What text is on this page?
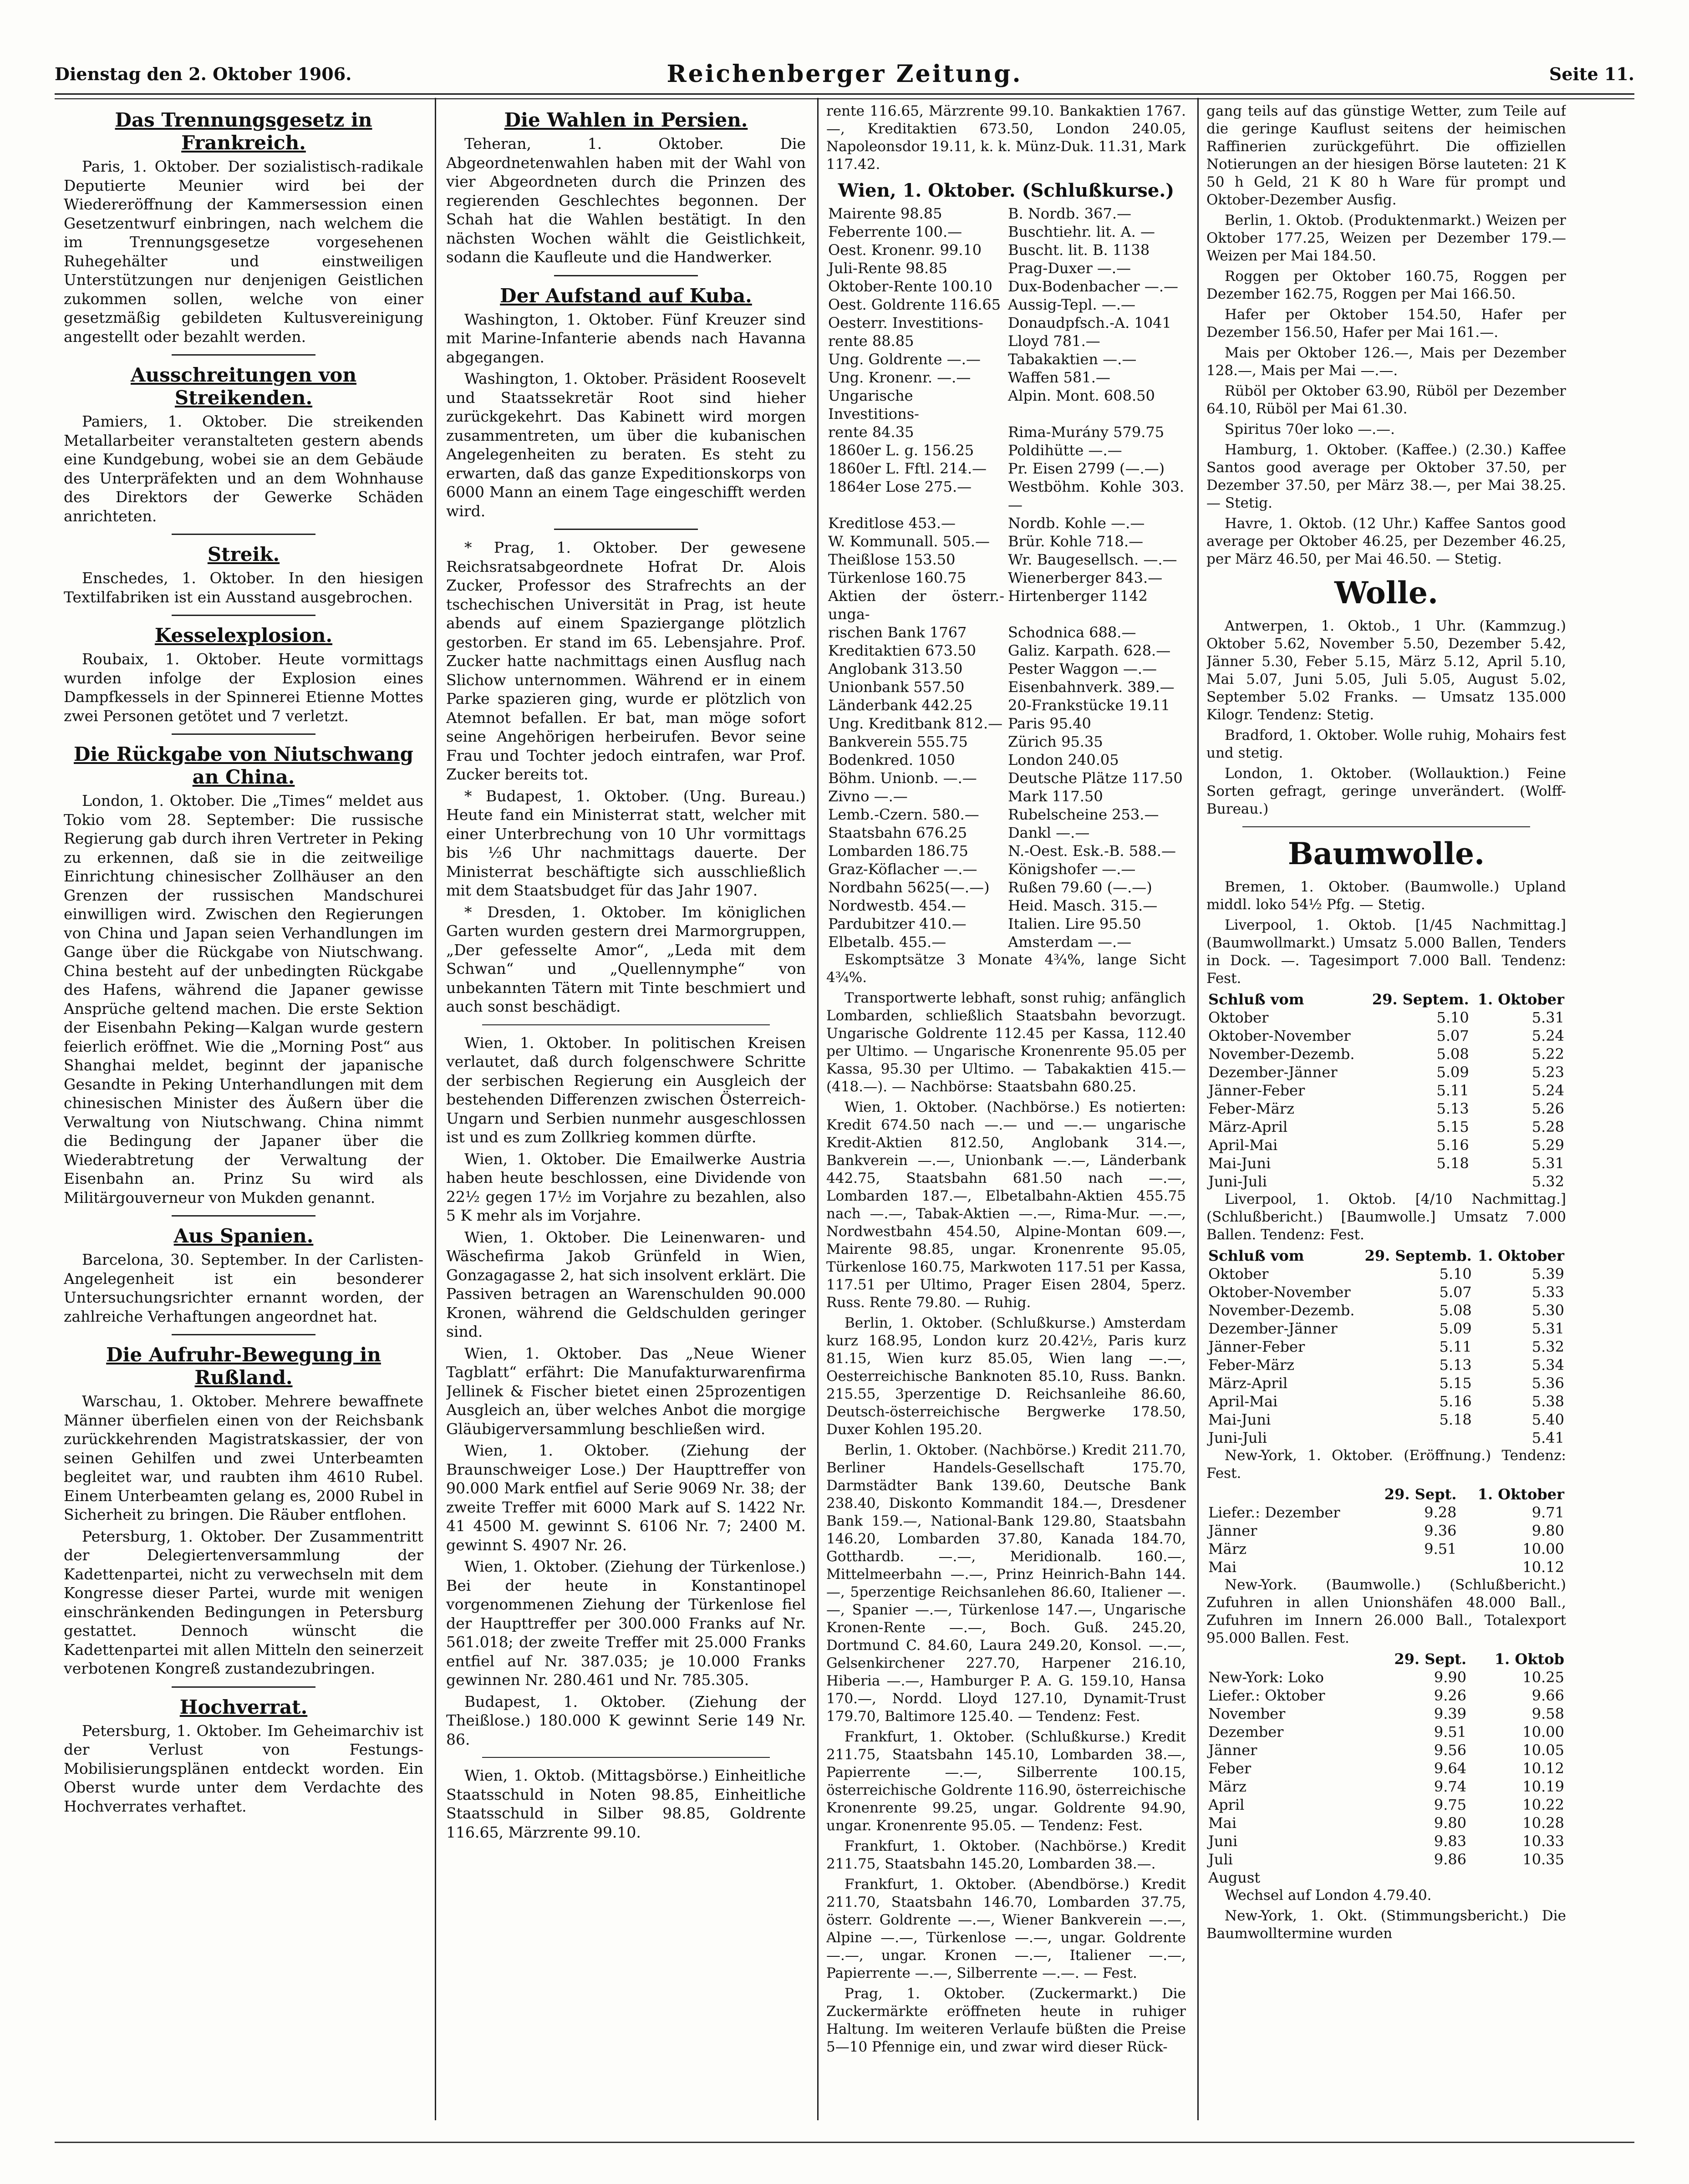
Dienstag den 2. Oktober 1906.	Reichenberger Zeitung.	Seite 11.
Das Trennungsgesetz in Frankreich.

Paris, 1. Oktober. Der sozialistisch-radikale Deputierte Meunier wird bei der Wiedereröffnung der Kammersession einen Gesetzentwurf einbringen, nach welchem die im Trennungsgesetze vorgesehenen Ruhegehälter und einstweiligen Unterstützungen nur denjenigen Geistlichen zukommen sollen, welche von einer gesetzmäßig gebildeten Kultusvereinigung angestellt oder bezahlt werden.

Ausschreitungen von Streikenden.

Pamiers, 1. Oktober. Die streikenden Metallarbeiter veranstalteten gestern abends eine Kundgebung, wobei sie an dem Gebäude des Unterpräfekten und an dem Wohnhause des Direktors der Gewerke Schäden anrichteten.

Streik.

Enschedes, 1. Oktober. In den hiesigen Textilfabriken ist ein Ausstand ausgebrochen.

Kesselexplosion.

Roubaix, 1. Oktober. Heute vormittags wurden infolge der Explosion eines Dampfkessels in der Spinnerei Etienne Mottes zwei Personen getötet und 7 verletzt.

Die Rückgabe von Niutschwang an China.

London, 1. Oktober. Die „Times“ meldet aus Tokio vom 28. September: Die russische Regierung gab durch ihren Vertreter in Peking zu erkennen, daß sie in die zeitweilige Einrichtung chinesischer Zollhäuser an den Grenzen der russischen Mandschurei einwilligen wird. Zwischen den Regierungen von China und Japan seien Verhandlungen im Gange über die Rückgabe von Niutschwang. China besteht auf der unbedingten Rückgabe des Hafens, während die Japaner gewisse Ansprüche geltend machen. Die erste Sektion der Eisenbahn Peking—Kalgan wurde gestern feierlich eröffnet. Wie die „Morning Post“ aus Shanghai meldet, beginnt der japanische Gesandte in Peking Unterhandlungen mit dem chinesischen Minister des Äußern über die Verwaltung von Niutschwang. China nimmt die Bedingung der Japaner über die Wiederabtretung der Verwaltung der Eisenbahn an. Prinz Su wird als Militärgouverneur von Mukden genannt.

Aus Spanien.

Barcelona, 30. September. In der Carlisten-Angelegenheit ist ein besonderer Untersuchungsrichter ernannt worden, der zahlreiche Verhaftungen angeordnet hat.

Die Aufruhr-Bewegung in Rußland.

Warschau, 1. Oktober. Mehrere bewaffnete Männer überfielen einen von der Reichsbank zurückkehrenden Magistratskassier, der von seinen Gehilfen und zwei Unterbeamten begleitet war, und raubten ihm 4610 Rubel. Einem Unterbeamten gelang es, 2000 Rubel in Sicherheit zu bringen. Die Räuber entflohen.

Petersburg, 1. Oktober. Der Zusammentritt der Delegiertenversammlung der Kadettenpartei, nicht zu verwechseln mit dem Kongresse dieser Partei, wurde mit wenigen einschränkenden Bedingungen in Petersburg gestattet. Dennoch wünscht die Kadettenpartei mit allen Mitteln den seinerzeit verbotenen Kongreß zustandezubringen.

Hochverrat.

Petersburg, 1. Oktober. Im Geheimarchiv ist der Verlust von Festungs-Mobilisierungsplänen entdeckt worden. Ein Oberst wurde unter dem Verdachte des Hochverrates verhaftet.

Die Wahlen in Persien.

Teheran, 1. Oktober. Die Abgeordnetenwahlen haben mit der Wahl von vier Abgeordneten durch die Prinzen des regierenden Geschlechtes begonnen. Der Schah hat die Wahlen bestätigt. In den nächsten Wochen wählt die Geistlichkeit, sodann die Kaufleute und die Handwerker.

Der Aufstand auf Kuba.

Washington, 1. Oktober. Fünf Kreuzer sind mit Marine-Infanterie abends nach Havanna abgegangen.

Washington, 1. Oktober. Präsident Roosevelt und Staatssekretär Root sind hieher zurückgekehrt. Das Kabinett wird morgen zusammentreten, um über die kubanischen Angelegenheiten zu beraten. Es steht zu erwarten, daß das ganze Expeditionskorps von 6000 Mann an einem Tage eingeschifft werden wird.

* Prag, 1. Oktober. Der gewesene Reichsratsabgeordnete Hofrat Dr. Alois Zucker, Professor des Strafrechts an der tschechischen Universität in Prag, ist heute abends auf einem Spaziergange plötzlich gestorben. Er stand im 65. Lebensjahre. Prof. Zucker hatte nachmittags einen Ausflug nach Slichow unternommen. Während er in einem Parke spazieren ging, wurde er plötzlich von Atemnot befallen. Er bat, man möge sofort seine Angehörigen herbeirufen. Bevor seine Frau und Tochter jedoch eintrafen, war Prof. Zucker bereits tot.

* Budapest, 1. Oktober. (Ung. Bureau.) Heute fand ein Ministerrat statt, welcher mit einer Unterbrechung von 10 Uhr vormittags bis ½6 Uhr nachmittags dauerte. Der Ministerrat beschäftigte sich ausschließlich mit dem Staatsbudget für das Jahr 1907.

* Dresden, 1. Oktober. Im königlichen Garten wurden gestern drei Marmorgruppen, „Der gefesselte Amor“, „Leda mit dem Schwan“ und „Quellennymphe“ von unbekannten Tätern mit Tinte beschmiert und auch sonst beschädigt.

Wien, 1. Oktober. In politischen Kreisen verlautet, daß durch folgenschwere Schritte der serbischen Regierung ein Ausgleich der bestehenden Differenzen zwischen Österreich-Ungarn und Serbien nunmehr ausgeschlossen ist und es zum Zollkrieg kommen dürfte.

Wien, 1. Oktober. Die Emailwerke Austria haben heute beschlossen, eine Dividende von 22½ gegen 17½ im Vorjahre zu bezahlen, also 5 K mehr als im Vorjahre.

Wien, 1. Oktober. Die Leinenwaren- und Wäschefirma Jakob Grünfeld in Wien, Gonzagagasse 2, hat sich insolvent erklärt. Die Passiven betragen an Warenschulden 90.000 Kronen, während die Geldschulden geringer sind.

Wien, 1. Oktober. Das „Neue Wiener Tagblatt“ erfährt: Die Manufakturwarenfirma Jellinek & Fischer bietet einen 25prozentigen Ausgleich an, über welches Anbot die morgige Gläubigerversammlung beschließen wird.

Wien, 1. Oktober. (Ziehung der Braunschweiger Lose.) Der Haupttreffer von 90.000 Mark entfiel auf Serie 9069 Nr. 38; der zweite Treffer mit 6000 Mark auf S. 1422 Nr. 41 4500 M. gewinnt S. 6106 Nr. 7; 2400 M. gewinnt S. 4907 Nr. 26.

Wien, 1. Oktober. (Ziehung der Türkenlose.) Bei der heute in Konstantinopel vorgenommenen Ziehung der Türkenlose fiel der Haupttreffer per 300.000 Franks auf Nr. 561.018; der zweite Treffer mit 25.000 Franks entfiel auf Nr. 387.035; je 10.000 Franks gewinnen Nr. 280.461 und Nr. 785.305.

Budapest, 1. Oktober. (Ziehung der Theißlose.) 180.000 K gewinnt Serie 149 Nr. 86.

Wien, 1. Oktob. (Mittagsbörse.) Einheitliche Staatsschuld in Noten 98.85, Einheitliche Staatsschuld in Silber 98.85, Goldrente 116.65, Märzrente 99.10.

rente 116.65, Märzrente 99.10. Bankaktien 1767.—, Kreditaktien 673.50, London 240.05, Napoleonsdor 19.11, k. k. Münz-Duk. 11.31, Mark 117.42.

Wien, 1. Oktober. (Schlußkurse.)
Mairente 98.85	B. Nordb. 367.—
Feberrente 100.—	Buschtiehr. lit. A. —
Oest. Kronenr. 99.10	Buscht. lit. B. 1138
Juli-Rente 98.85	Prag-Duxer —.—
Oktober-Rente 100.10	Dux-Bodenbacher —.—
Oest. Goldrente 116.65	Aussig-Tepl. —.—
Oesterr. Investitions-	Donaudpfsch.-A. 1041
rente 88.85	Lloyd 781.—
Ung. Goldrente —.—	Tabakaktien —.—
Ung. Kronenr. —.—	Waffen 581.—
Ungarische Investitions-	Alpin. Mont. 608.50
rente 84.35	Rima-Murány 579.75
1860er L. g. 156.25	Poldihütte —.—
1860er L. Fftl. 214.—	Pr. Eisen 2799 (—.—)
1864er Lose 275.—	Westböhm. Kohle 303.—
Kreditlose 453.—	Nordb. Kohle —.—
W. Kommunall. 505.—	Brür. Kohle 718.—
Theißlose 153.50	Wr. Baugesellsch. —.—
Türkenlose 160.75	Wienerberger 843.—
Aktien der österr.-unga-	Hirtenberger 1142
rischen Bank 1767	Schodnica 688.—
Kreditaktien 673.50	Galiz. Karpath. 628.—
Anglobank 313.50	Pester Waggon —.—
Unionbank 557.50	Eisenbahnverk. 389.—
Länderbank 442.25	20-Frankstücke 19.11
Ung. Kreditbank 812.—	Paris 95.40
Bankverein 555.75	Zürich 95.35
Bodenkred. 1050	London 240.05
Böhm. Unionb. —.—	Deutsche Plätze 117.50
Zivno —.—	Mark 117.50
Lemb.-Czern. 580.—	Rubelscheine 253.—
Staatsbahn 676.25	Dankl —.—
Lombarden 186.75	N.-Oest. Esk.-B. 588.—
Graz-Köflacher —.—	Königshofer —.—
Nordbahn 5625(—.—)	Rußen 79.60 (—.—)
Nordwestb. 454.—	Heid. Masch. 315.—
Pardubitzer 410.—	Italien. Lire 95.50
Elbetalb. 455.—	Amsterdam —.—

Eskomptsätze 3 Monate 4¾%, lange Sicht 4¾%.

Transportwerte lebhaft, sonst ruhig; anfänglich Lombarden, schließlich Staatsbahn bevorzugt. Ungarische Goldrente 112.45 per Kassa, 112.40 per Ultimo. — Ungarische Kronenrente 95.05 per Kassa, 95.30 per Ultimo. — Tabakaktien 415.— (418.—). — Nachbörse: Staatsbahn 680.25.

Wien, 1. Oktober. (Nachbörse.) Es notierten: Kredit 674.50 nach —.— und —.— ungarische Kredit-Aktien 812.50, Anglobank 314.—, Bankverein —.—, Unionbank —.—, Länderbank 442.75, Staatsbahn 681.50 nach —.—, Lombarden 187.—, Elbetalbahn-Aktien 455.75 nach —.—, Tabak-Aktien —.—, Rima-Mur. —.—, Nordwestbahn 454.50, Alpine-Montan 609.—, Mairente 98.85, ungar. Kronenrente 95.05, Türkenlose 160.75, Markwoten 117.51 per Kassa, 117.51 per Ultimo, Prager Eisen 2804, 5perz. Russ. Rente 79.80. — Ruhig.

Berlin, 1. Oktober. (Schlußkurse.) Amsterdam kurz 168.95, London kurz 20.42½, Paris kurz 81.15, Wien kurz 85.05, Wien lang —.—, Oesterreichische Banknoten 85.10, Russ. Bankn. 215.55, 3perzentige D. Reichsanleihe 86.60, Deutsch-österreichische Bergwerke 178.50, Duxer Kohlen 195.20.

Berlin, 1. Oktober. (Nachbörse.) Kredit 211.70, Berliner Handels-Gesellschaft 175.70, Darmstädter Bank 139.60, Deutsche Bank 238.40, Diskonto Kommandit 184.—, Dresdener Bank 159.—, National-Bank 129.80, Staatsbahn 146.20, Lombarden 37.80, Kanada 184.70, Gotthardb. —.—, Meridionalb. 160.—, Mittelmeerbahn —.—, Prinz Heinrich-Bahn 144.—, 5perzentige Reichsanlehen 86.60, Italiener —.—, Spanier —.—, Türkenlose 147.—, Ungarische Kronen-Rente —.—, Boch. Guß. 245.20, Dortmund C. 84.60, Laura 249.20, Konsol. —.—, Gelsenkirchener 227.70, Harpener 216.10, Hiberia —.—, Hamburger P. A. G. 159.10, Hansa 170.—, Nordd. Lloyd 127.10, Dynamit-Trust 179.70, Baltimore 125.40. — Tendenz: Fest.

Frankfurt, 1. Oktober. (Schlußkurse.) Kredit 211.75, Staatsbahn 145.10, Lombarden 38.—, Papierrente —.—, Silberrente 100.15, österreichische Goldrente 116.90, österreichische Kronenrente 99.25, ungar. Goldrente 94.90, ungar. Kronenrente 95.05. — Tendenz: Fest.

Frankfurt, 1. Oktober. (Nachbörse.) Kredit 211.75, Staatsbahn 145.20, Lombarden 38.—.

Frankfurt, 1. Oktober. (Abendbörse.) Kredit 211.70, Staatsbahn 146.70, Lombarden 37.75, österr. Goldrente —.—, Wiener Bankverein —.—, Alpine —.—, Türkenlose —.—, ungar. Goldrente —.—, ungar. Kronen —.—, Italiener —.—, Papierrente —.—, Silberrente —.—. — Fest.

Prag, 1. Oktober. (Zuckermarkt.) Die Zuckermärkte eröffneten heute in ruhiger Haltung. Im weiteren Verlaufe büßten die Preise 5—10 Pfennige ein, und zwar wird dieser Rück-

gang teils auf das günstige Wetter, zum Teile auf die geringe Kauflust seitens der heimischen Raffinerien zurückgeführt. Die offiziellen Notierungen an der hiesigen Börse lauteten: 21 K 50 h Geld, 21 K 80 h Ware für prompt und Oktober-Dezember Ausfig.

Berlin, 1. Oktob. (Produktenmarkt.) Weizen per Oktober 177.25, Weizen per Dezember 179.— Weizen per Mai 184.50.

Roggen per Oktober 160.75, Roggen per Dezember 162.75, Roggen per Mai 166.50.

Hafer per Oktober 154.50, Hafer per Dezember 156.50, Hafer per Mai 161.—.

Mais per Oktober 126.—, Mais per Dezember 128.—, Mais per Mai —.—.

Rüböl per Oktober 63.90, Rüböl per Dezember 64.10, Rüböl per Mai 61.30.

Spiritus 70er loko —.—.

Hamburg, 1. Oktober. (Kaffee.) (2.30.) Kaffee Santos good average per Oktober 37.50, per Dezember 37.50, per März 38.—, per Mai 38.25. — Stetig.

Havre, 1. Oktob. (12 Uhr.) Kaffee Santos good average per Oktober 46.25, per Dezember 46.25, per März 46.50, per Mai 46.50. — Stetig.

Wolle.

Antwerpen, 1. Oktob., 1 Uhr. (Kammzug.) Oktober 5.62, November 5.50, Dezember 5.42, Jänner 5.30, Feber 5.15, März 5.12, April 5.10, Mai 5.07, Juni 5.05, Juli 5.05, August 5.02, September 5.02 Franks. — Umsatz 135.000 Kilogr. Tendenz: Stetig.

Bradford, 1. Oktober. Wolle ruhig, Mohairs fest und stetig.

London, 1. Oktober. (Wollauktion.) Feine Sorten gefragt, geringe unverändert. (Wolff-Bureau.)

Baumwolle.

Bremen, 1. Oktober. (Baumwolle.) Upland middl. loko 54½ Pfg. — Stetig.

Liverpool, 1. Oktob. [1/45 Nachmittag.] (Baumwollmarkt.) Umsatz 5.000 Ballen, Tenders in Dock. —. Tagesimport 7.000 Ball. Tendenz: Fest.

Schluß vom	29. Septem.	1. Oktober
Oktober	5.10	5.31
Oktober-November	5.07	5.24
November-Dezemb.	5.08	5.22
Dezember-Jänner	5.09	5.23
Jänner-Feber	5.11	5.24
Feber-März	5.13	5.26
März-April	5.15	5.28
April-Mai	5.16	5.29
Mai-Juni	5.18	5.31
Juni-Juli		5.32

Liverpool, 1. Oktob. [4/10 Nachmittag.] (Schlußbericht.) [Baumwolle.] Umsatz 7.000 Ballen. Tendenz: Fest.

Schluß vom	29. Septemb.	1. Oktober
Oktober	5.10	5.39
Oktober-November	5.07	5.33
November-Dezemb.	5.08	5.30
Dezember-Jänner	5.09	5.31
Jänner-Feber	5.11	5.32
Feber-März	5.13	5.34
März-April	5.15	5.36
April-Mai	5.16	5.38
Mai-Juni	5.18	5.40
Juni-Juli		5.41

New-York, 1. Oktober. (Eröffnung.) Tendenz: Fest.

	29. Sept.	1. Oktober
Liefer.: Dezember	9.28	9.71
Jänner	9.36	9.80
März	9.51	10.00
Mai		10.12

New-York. (Baumwolle.) (Schlußbericht.) Zufuhren in allen Unionshäfen 48.000 Ball., Zufuhren im Innern 26.000 Ball., Totalexport 95.000 Ballen. Fest.

	29. Sept.	1. Oktob
New-York: Loko	9.90	10.25
Liefer.: Oktober	9.26	9.66
November	9.39	9.58
Dezember	9.51	10.00
Jänner	9.56	10.05
Feber	9.64	10.12
März	9.74	10.19
April	9.75	10.22
Mai	9.80	10.28
Juni	9.83	10.33
Juli	9.86	10.35
August		

Wechsel auf London 4.79.40.

New-York, 1. Okt. (Stimmungsbericht.) Die Baumwolltermine wurden
